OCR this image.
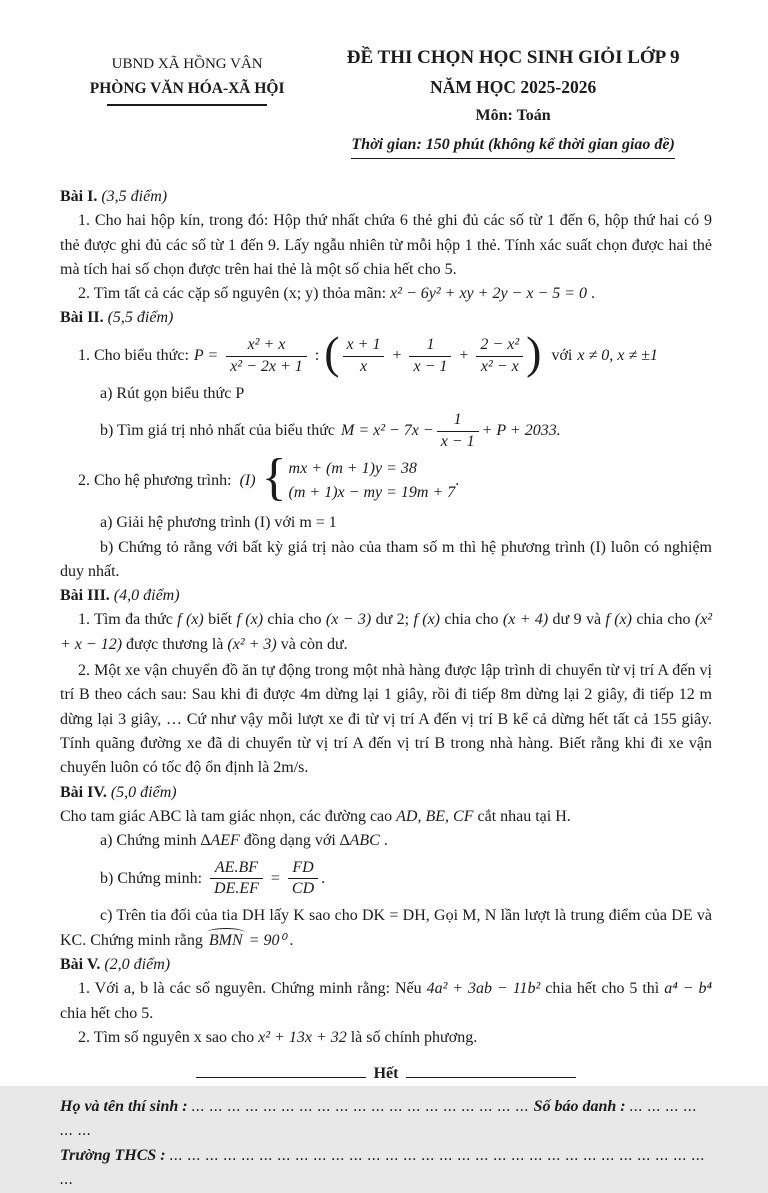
UBND XÃ HỒNG VÂN
PHÒNG VĂN HÓA-XÃ HỘI
ĐỀ THI CHỌN HỌC SINH GIỎI LỚP 9
NĂM HỌC 2025-2026
Môn: Toán
Thời gian: 150 phút (không kể thời gian giao đề)

Bài I. (3,5 điểm)

1. Cho hai hộp kín, trong đó: Hộp thứ nhất chứa 6 thẻ ghi đủ các số từ 1 đến 6, hộp thứ hai có 9 thẻ được ghi đủ các số từ 1 đến 9. Lấy ngẫu nhiên từ mỗi hộp 1 thẻ. Tính xác suất chọn được hai thẻ mà tích hai số chọn được trên hai thẻ là một số chia hết cho 5.

2. Tìm tất cả các cặp số nguyên (x; y) thỏa mãn: x² − 6y² + xy + 2y − x − 5 = 0 .

Bài II. (5,5 điểm)

1. Cho biểu thức: $P = \frac{\text{x² + x}}{\text{x² − 2x + 1}}$ : ( $\frac{x + 1}{x} + \frac{1}{x - 1} + \frac{\text{2 − x²}}{\text{x² − x}}$ ) với x ≠ 0, x ≠ ±1

a) Rút gọn biểu thức P

b) Tìm giá trị nhỏ nhất của biểu thức $M = x^2 - 7x - \frac{1}{x - 1} + P + 2033$.
2. Cho hệ phương trình: (I) { mx + (m + 1)y = 38
(m + 1)x − my = 19m + 7
.

a) Giải hệ phương trình (I) với m = 1

b) Chứng tỏ rằng với bất kỳ giá trị nào của tham số m thì hệ phương trình (I) luôn có nghiệm duy nhất.

Bài III. (4,0 điểm)

1. Tìm đa thức f (x) biết f (x) chia cho (x − 3) dư 2; f (x) chia cho (x + 4) dư 9 và f (x) chia cho (x² + x − 12) được thương là (x² + 3) và còn dư.

2. Một xe vận chuyển đồ ăn tự động trong một nhà hàng được lập trình di chuyển từ vị trí A đến vị trí B theo cách sau: Sau khi đi được 4m dừng lại 1 giây, rồi đi tiếp 8m dừng lại 2 giây, đi tiếp 12 m dừng lại 3 giây, … Cứ như vậy mỗi lượt xe đi từ vị trí A đến vị trí B kể cả dừng hết tất cả 155 giây. Tính quãng đường xe đã di chuyển từ vị trí A đến vị trí B trong nhà hàng. Biết rằng khi đi xe vận chuyển luôn có tốc độ ổn định là 2m/s.

Bài IV. (5,0 điểm)

Cho tam giác ABC là tam giác nhọn, các đường cao AD, BE, CF cắt nhau tại H.

a) Chứng minh ∆AEF đồng dạng với ∆ABC .

b) Chứng minh: $\frac{AE.BF}{DE.EF} = \frac{FD}{CD}$ .

c) Trên tia đối của tia DH lấy K sao cho DK = DH, Gọi M, N lần lượt là trung điểm của DE và KC. Chứng minh rằng BMN = 90⁰ .

Bài V. (2,0 điểm)

1. Với a, b là các số nguyên. Chứng minh rằng: Nếu 4a² + 3ab − 11b² chia hết cho 5 thì a⁴ − b⁴ chia hết cho 5.

2. Tìm số nguyên x sao cho x² + 13x + 32 là số chính phương.

Hết

Họ và tên thí sinh : ... ... ... ... ... ... ... ... ... ... ... ... ... ... ... ... ... ... ... Số báo danh : ... ... ... ... ... ...

Trường THCS : ... ... ... ... ... ... ... ... ... ... ... ... ... ... ... ... ... ... ... ... ... ... ... ... ... ... ... ... ... ... ...
